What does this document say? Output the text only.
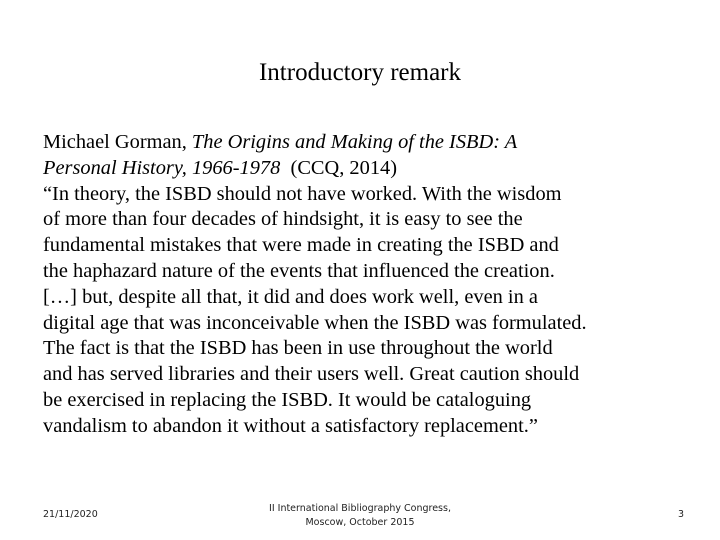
Introductory remark
Michael Gorman, The Origins and Making of the ISBD: A
Personal History, 1966-1978  (CCQ, 2014)
“In theory, the ISBD should not have worked. With the wisdom
of more than four decades of hindsight, it is easy to see the
fundamental mistakes that were made in creating the ISBD and
the haphazard nature of the events that influenced the creation.
[…] but, despite all that, it did and does work well, even in a
digital age that was inconceivable when the ISBD was formulated.
The fact is that the ISBD has been in use throughout the world
and has served libraries and their users well. Great caution should
be exercised in replacing the ISBD. It would be cataloguing
vandalism to abandon it without a satisfactory replacement.”
21/11/2020
II International Bibliography Congress,
Moscow, October 2015
3
